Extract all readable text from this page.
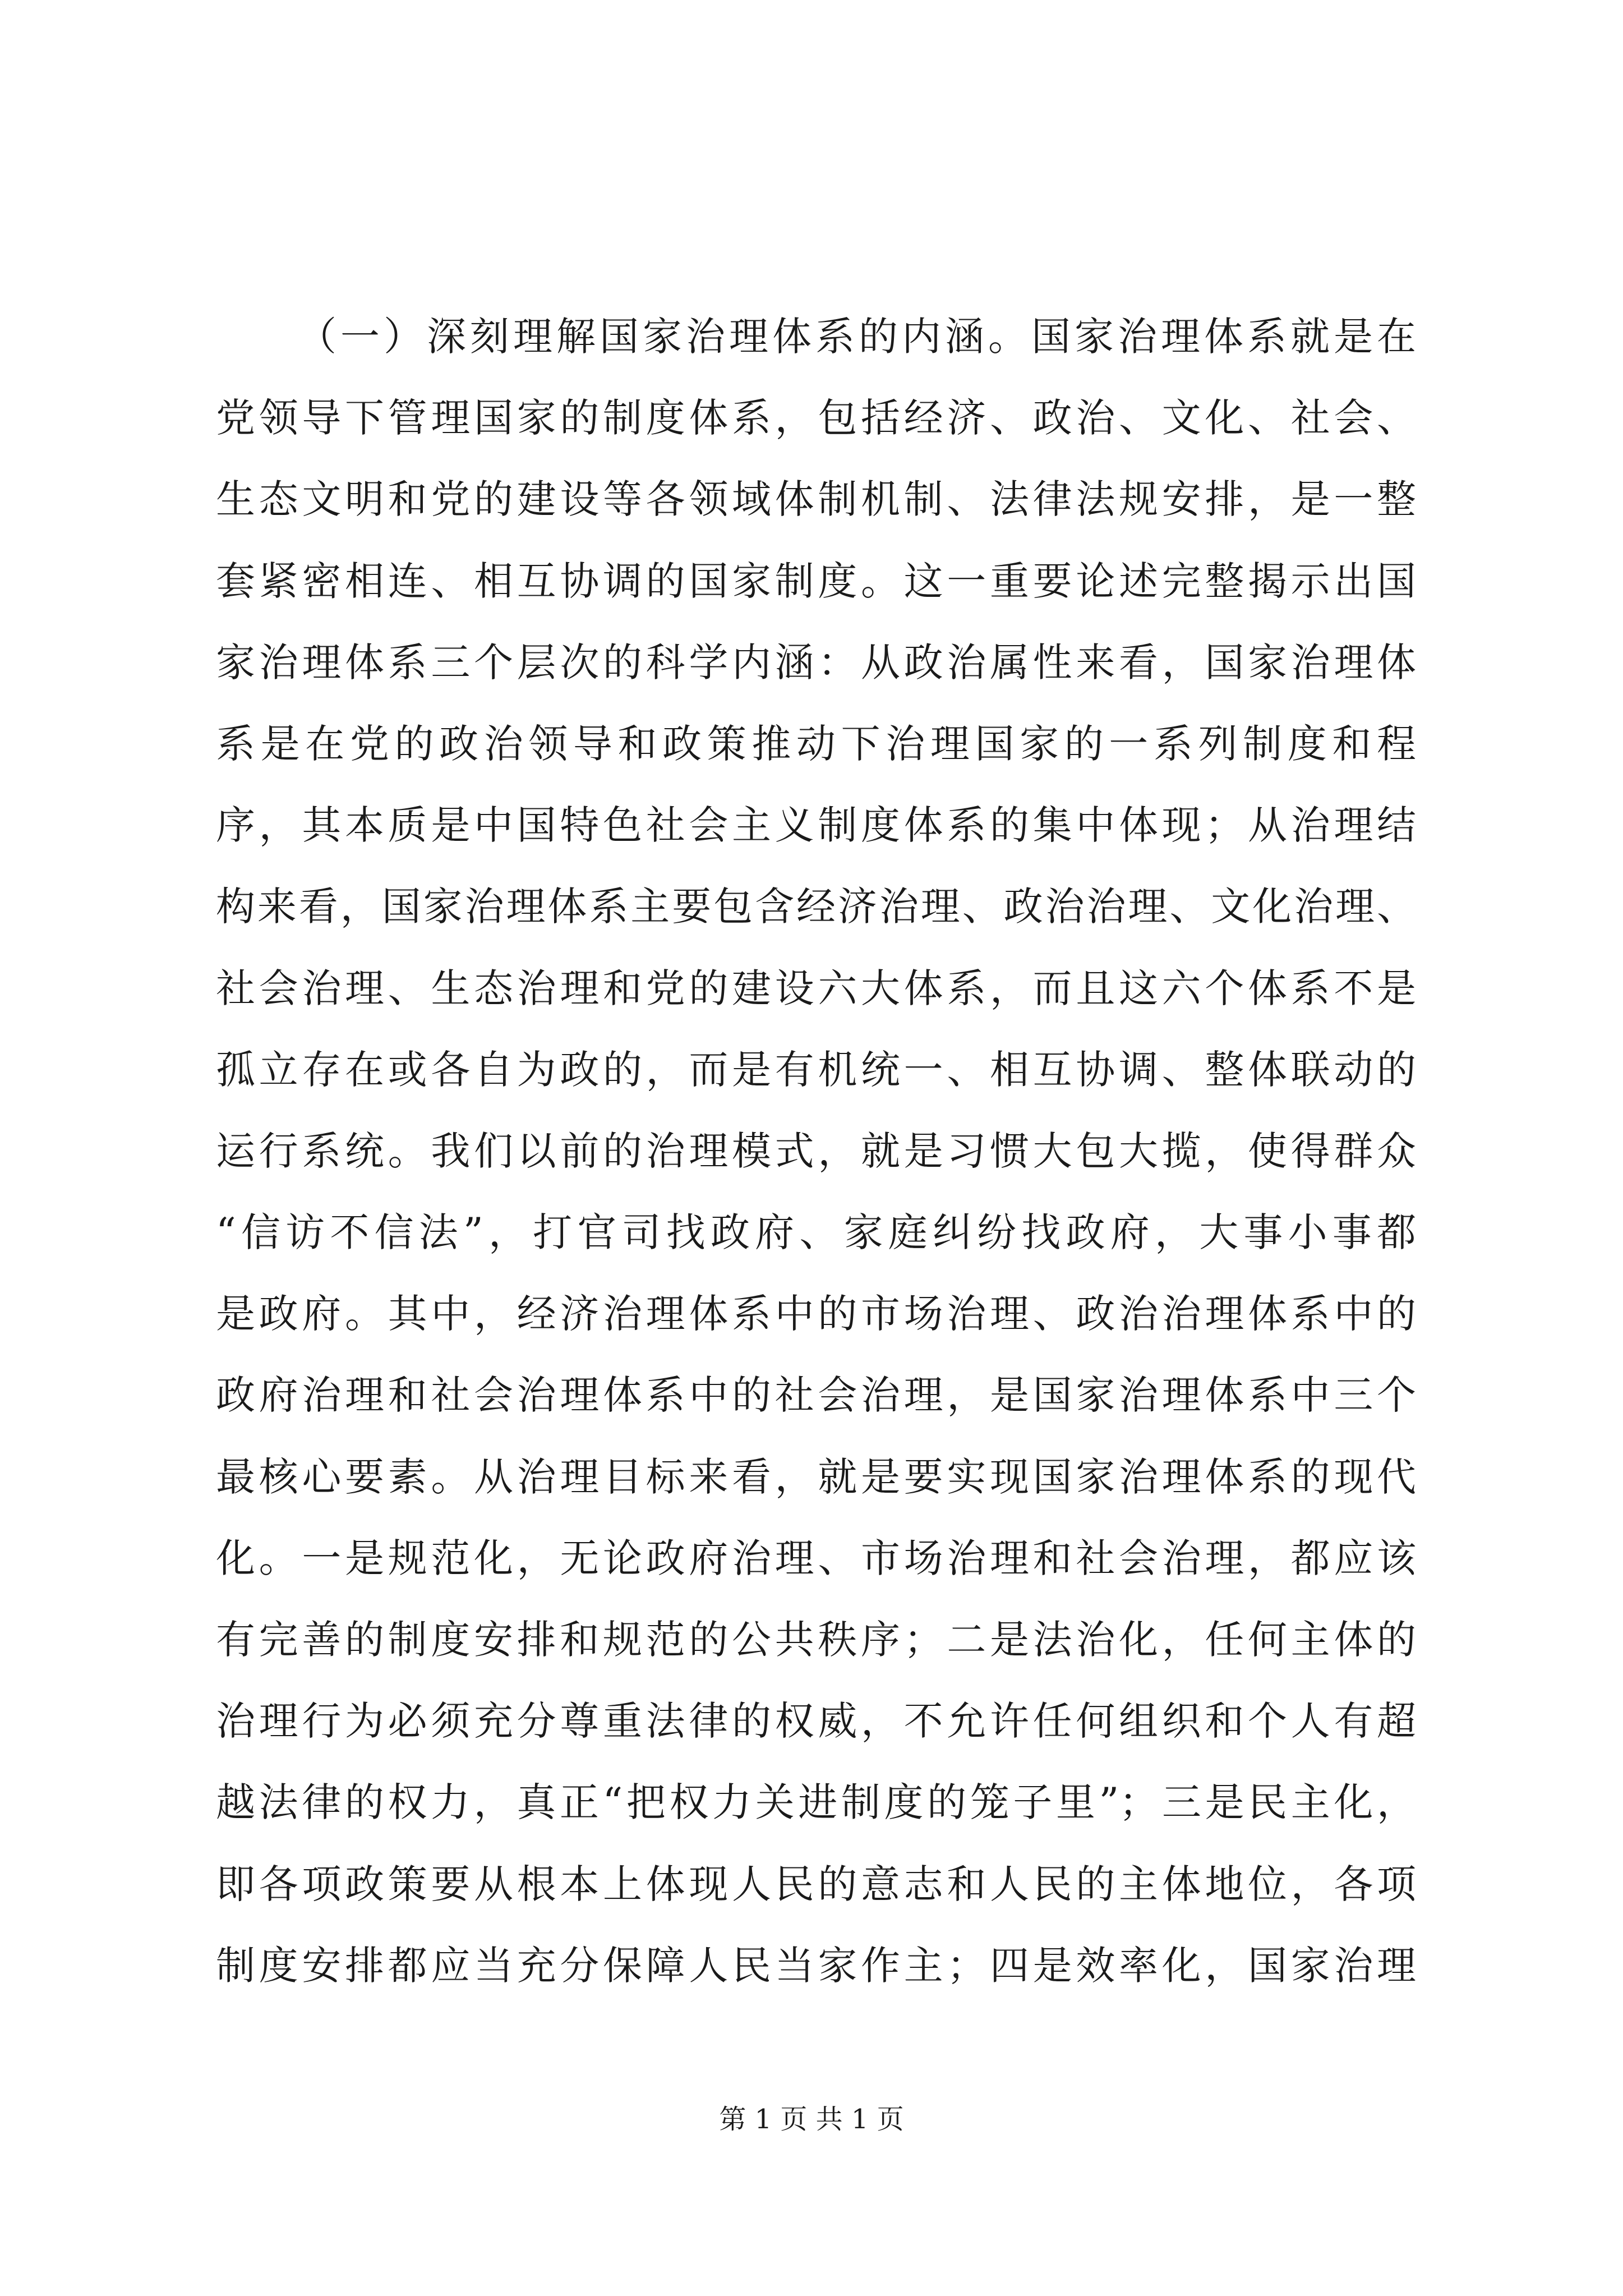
（一）深刻理解国家治理体系的内涵。国家治理体系就是在
党领导下管理国家的制度体系，包括经济、政治、文化、社会、
生态文明和党的建设等各领域体制机制、法律法规安排，是一整
套紧密相连、相互协调的国家制度。这一重要论述完整揭示出国
家治理体系三个层次的科学内涵：从政治属性来看，国家治理体
系是在党的政治领导和政策推动下治理国家的一系列制度和程
序，其本质是中国特色社会主义制度体系的集中体现；从治理结
构来看，国家治理体系主要包含经济治理、政治治理、文化治理、
社会治理、生态治理和党的建设六大体系，而且这六个体系不是
孤立存在或各自为政的，而是有机统一、相互协调、整体联动的
运行系统。我们以前的治理模式，就是习惯大包大揽，使得群众
“信访不信法”，打官司找政府、家庭纠纷找政府，大事小事都
是政府。其中，经济治理体系中的市场治理、政治治理体系中的
政府治理和社会治理体系中的社会治理，是国家治理体系中三个
最核心要素。从治理目标来看，就是要实现国家治理体系的现代
化。一是规范化，无论政府治理、市场治理和社会治理，都应该
有完善的制度安排和规范的公共秩序；二是法治化，任何主体的
治理行为必须充分尊重法律的权威，不允许任何组织和个人有超
越法律的权力，真正“把权力关进制度的笼子里”；三是民主化，
即各项政策要从根本上体现人民的意志和人民的主体地位，各项
制度安排都应当充分保障人民当家作主；四是效率化，国家治理
第 1 页 共 1 页
